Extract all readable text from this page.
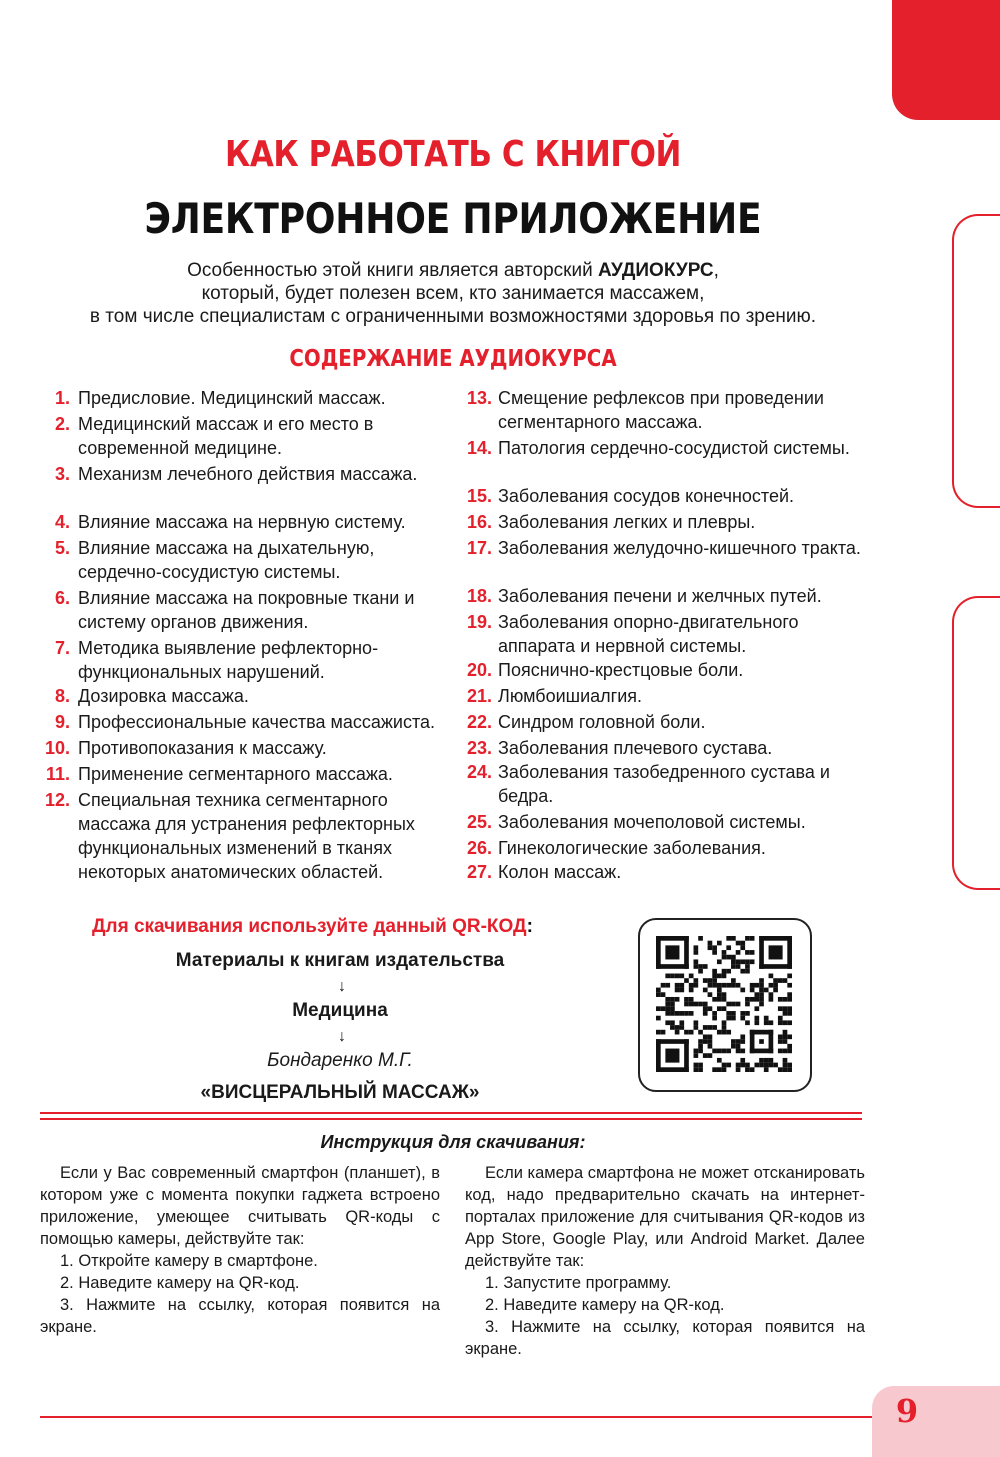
КАК РАБОТАТЬ С КНИГОЙ
ЭЛЕКТРОННОЕ ПРИЛОЖЕНИЕ
Особенностью этой книги является авторский АУДИОКУРС,
который, будет полезен всем, кто занимается массажем,
в том числе специалистам с ограниченными возможностями здоровья по зрению.
СОДЕРЖАНИЕ АУДИОКУРСА
1. Предисловие. Медицинский массаж.
2. Медицинский массаж и его место в современной медицине.
3. Механизм лечебного действия массажа.
4. Влияние массажа на нервную систему.
5. Влияние массажа на дыхательную, сердечно-сосудистую системы.
6. Влияние массажа на покровные ткани и систему органов движения.
7. Методика выявление рефлекторно-функциональных нарушений.
8. Дозировка массажа.
9. Профессиональные качества массажиста.
10. Противопоказания к массажу.
11. Применение сегментарного массажа.
12. Специальная техника сегментарного массажа для устранения рефлекторных функциональных изменений в тканях некоторых анатомических областей.
13. Смещение рефлексов при проведении сегментарного массажа.
14. Патология сердечно-сосудистой системы.
15. Заболевания сосудов конечностей.
16. Заболевания легких и плевры.
17. Заболевания желудочно-кишечного тракта.
18. Заболевания печени и желчных путей.
19. Заболевания опорно-двигательного аппарата и нервной системы.
20. Пояснично-крестцовые боли.
21. Люмбоишиалгия.
22. Синдром головной боли.
23. Заболевания плечевого сустава.
24. Заболевания тазобедренного сустава и бедра.
25. Заболевания мочеполовой системы.
26. Гинекологические заболевания.
27. Колон массаж.
Для скачивания используйте данный QR-КОД:
Материалы к книгам издательства
↓
Медицина
↓
Бондаренко М.Г.
«ВИСЦЕРАЛЬНЫЙ МАССАЖ»
Инструкция для скачивания:

Если у Вас современный смартфон (планшет), в котором уже с момента покупки гаджета встроено приложение, умеющее считывать QR-коды с помощью камеры, действуйте так:

1. Откройте камеру в смартфоне.

2. Наведите камеру на QR-код.

3. Нажмите на ссылку, которая появится на экране.

Если камера смартфона не может отсканировать код, надо предварительно скачать на интернет-порталах приложение для считывания QR-кодов из App Store, Google Play, или Android Market. Далее действуйте так:

1. Запустите программу.

2. Наведите камеру на QR-код.

3. Нажмите на ссылку, которая появится на экране.

9
